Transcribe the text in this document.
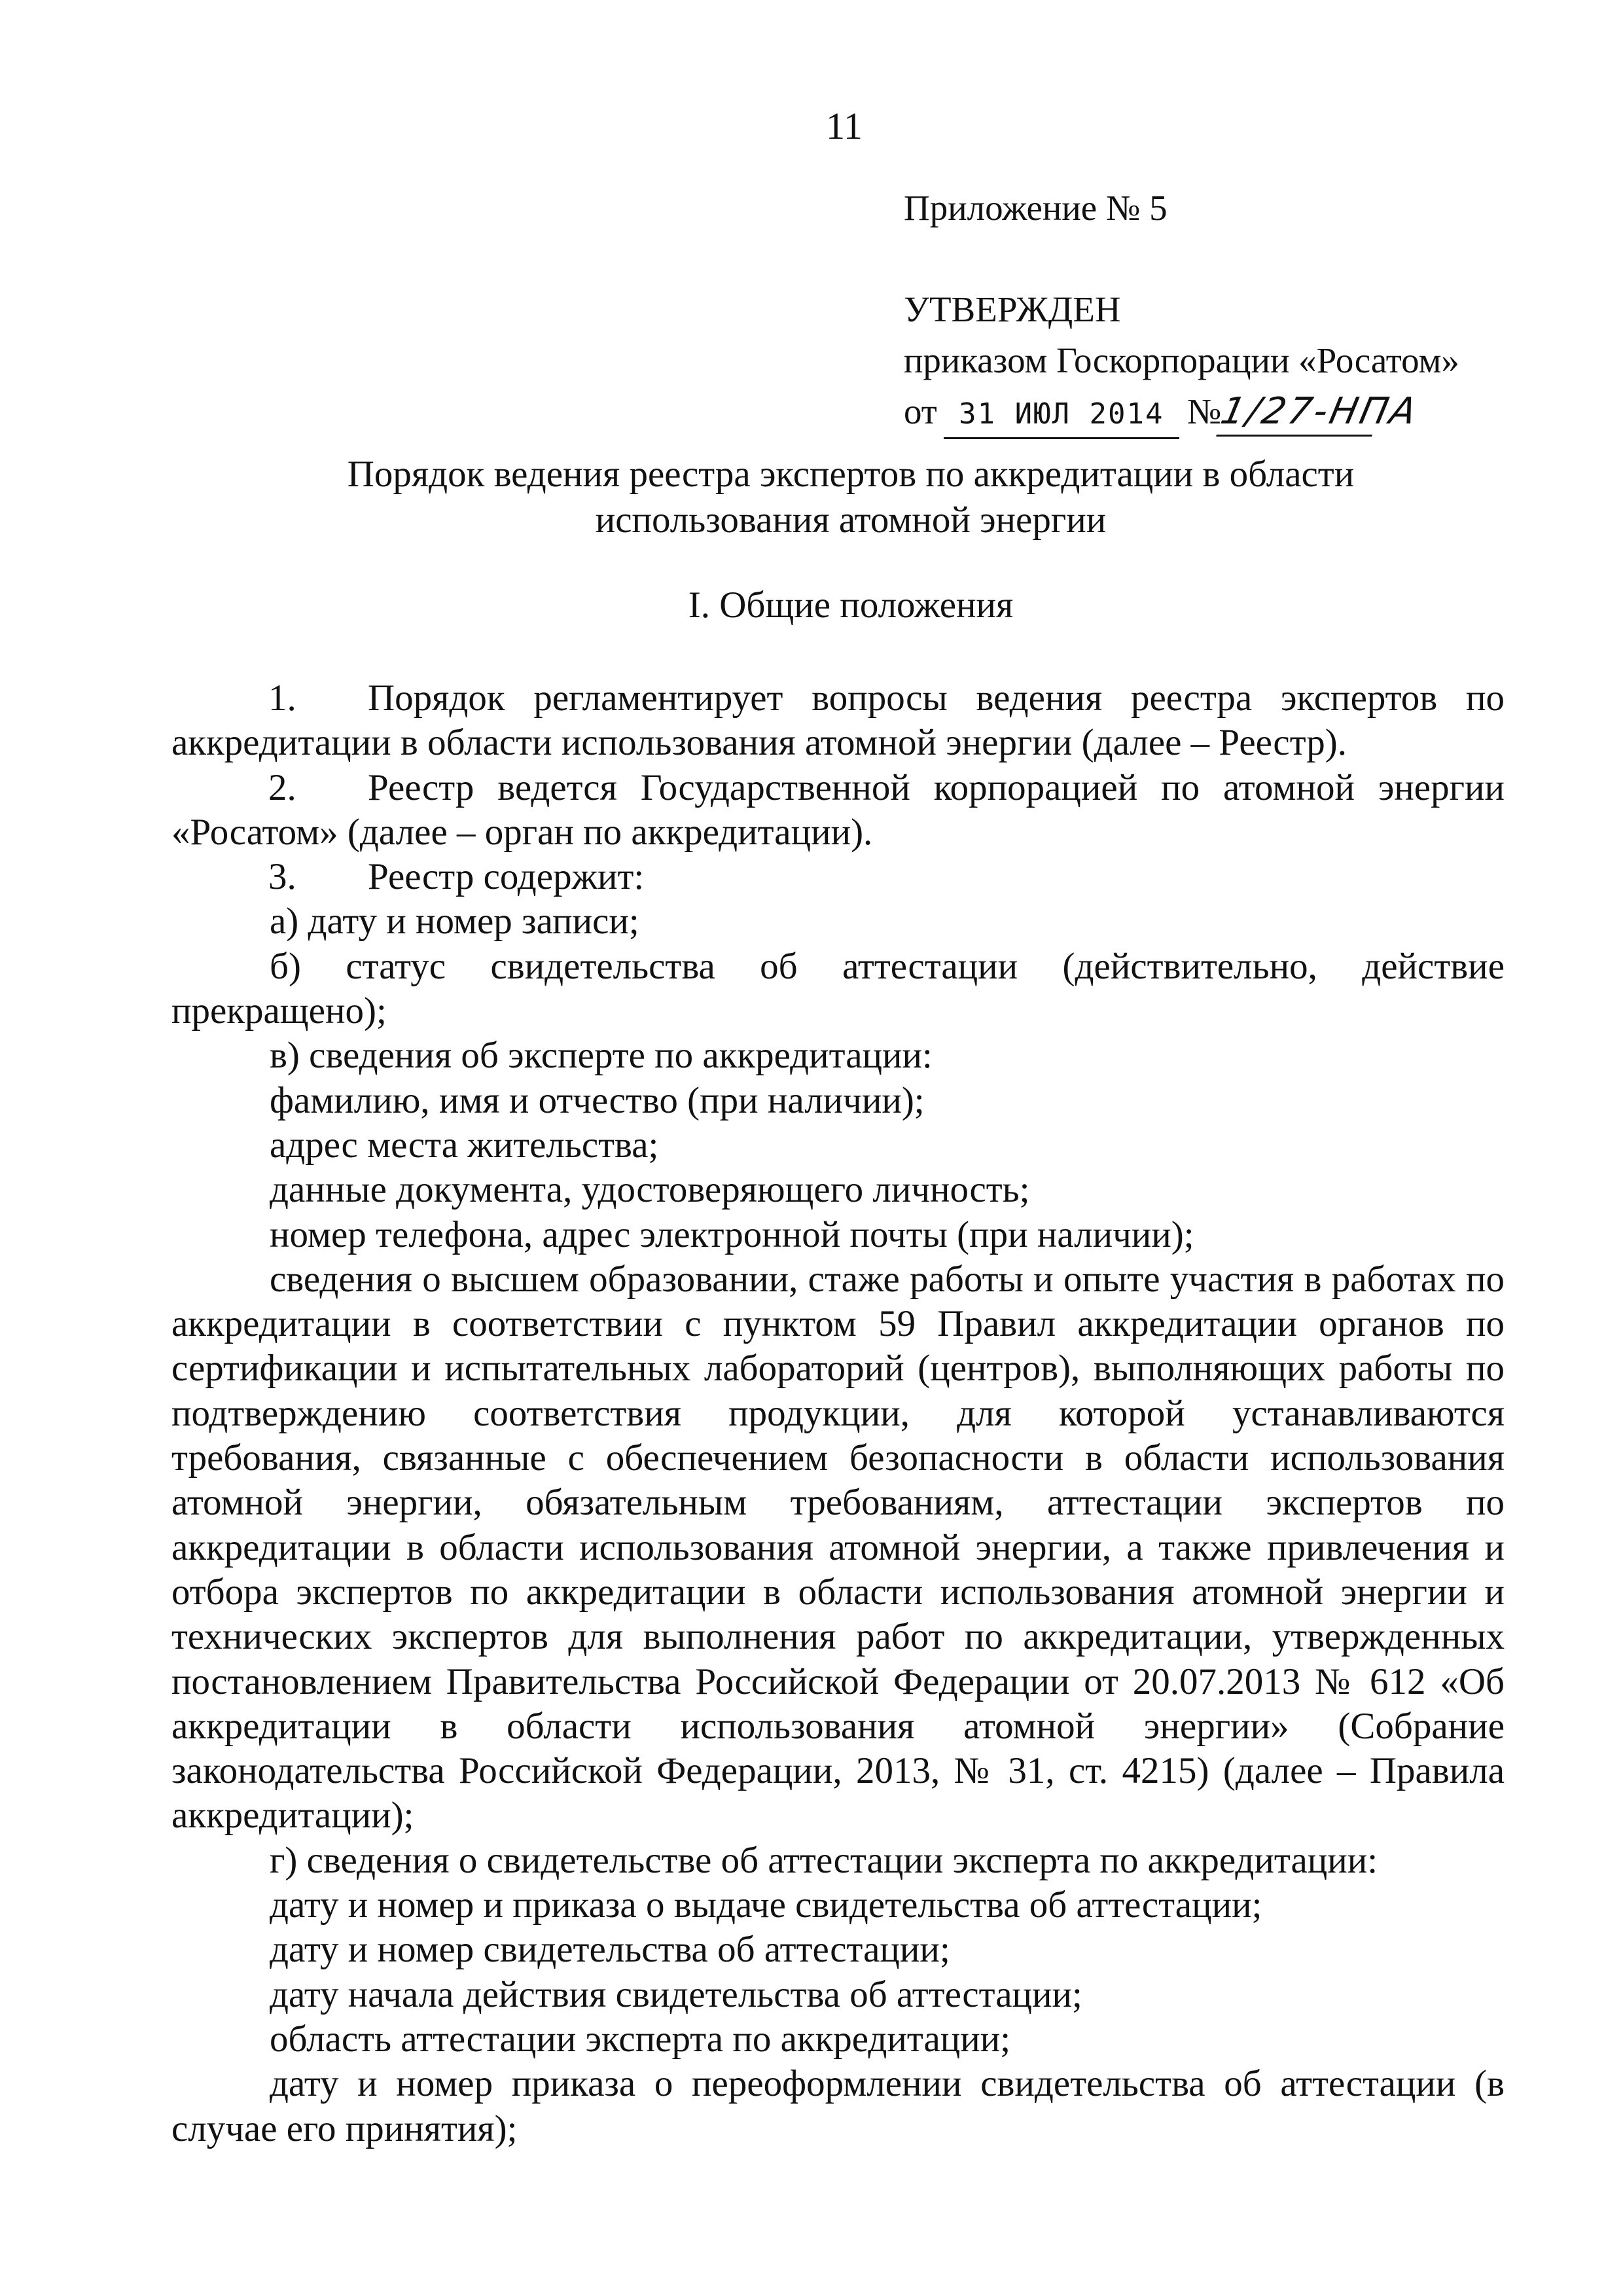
11
Приложение № 5
УТВЕРЖДЕН
приказом Госкорпорации «Росатом»
от 31 ИЮЛ 2014 №1/27-НПА
Порядок ведения реестра экспертов по аккредитации в области
использования атомной энергии
I. Общие положения

1. Порядок регламентирует вопросы ведения реестра экспертов по аккредитации в области использования атомной энергии (далее – Реестр).

2. Реестр ведется Государственной корпорацией по атомной энергии «Росатом» (далее – орган по аккредитации).

3. Реестр содержит:

а) дату и номер записи;

б) статус свидетельства об аттестации (действительно, действие прекращено);

в) сведения об эксперте по аккредитации:

фамилию, имя и отчество (при наличии);

адрес места жительства;

данные документа, удостоверяющего личность;

номер телефона, адрес электронной почты (при наличии);

сведения о высшем образовании, стаже работы и опыте участия в работах по аккредитации в соответствии с пунктом 59 Правил аккредитации органов по сертификации и испытательных лабораторий (центров), выполняющих работы по подтверждению соответствия продукции, для которой устанавливаются требования, связанные с обеспечением безопасности в области использования атомной энергии, обязательным требованиям, аттестации экспертов по аккредитации в области использования атомной энергии, а также привлечения и отбора экспертов по аккредитации в области использования атомной энергии и технических экспертов для выполнения работ по аккредитации, утвержденных постановлением Правительства Российской Федерации от 20.07.2013 № 612 «Об аккредитации в области использования атомной энергии» (Собрание законодательства Российской Федерации, 2013, № 31, ст. 4215) (далее – Правила аккредитации);

г) сведения о свидетельстве об аттестации эксперта по аккредитации:

дату и номер и приказа о выдаче свидетельства об аттестации;

дату и номер свидетельства об аттестации;

дату начала действия свидетельства об аттестации;

область аттестации эксперта по аккредитации;

дату и номер приказа о переоформлении свидетельства об аттестации (в случае его принятия);
